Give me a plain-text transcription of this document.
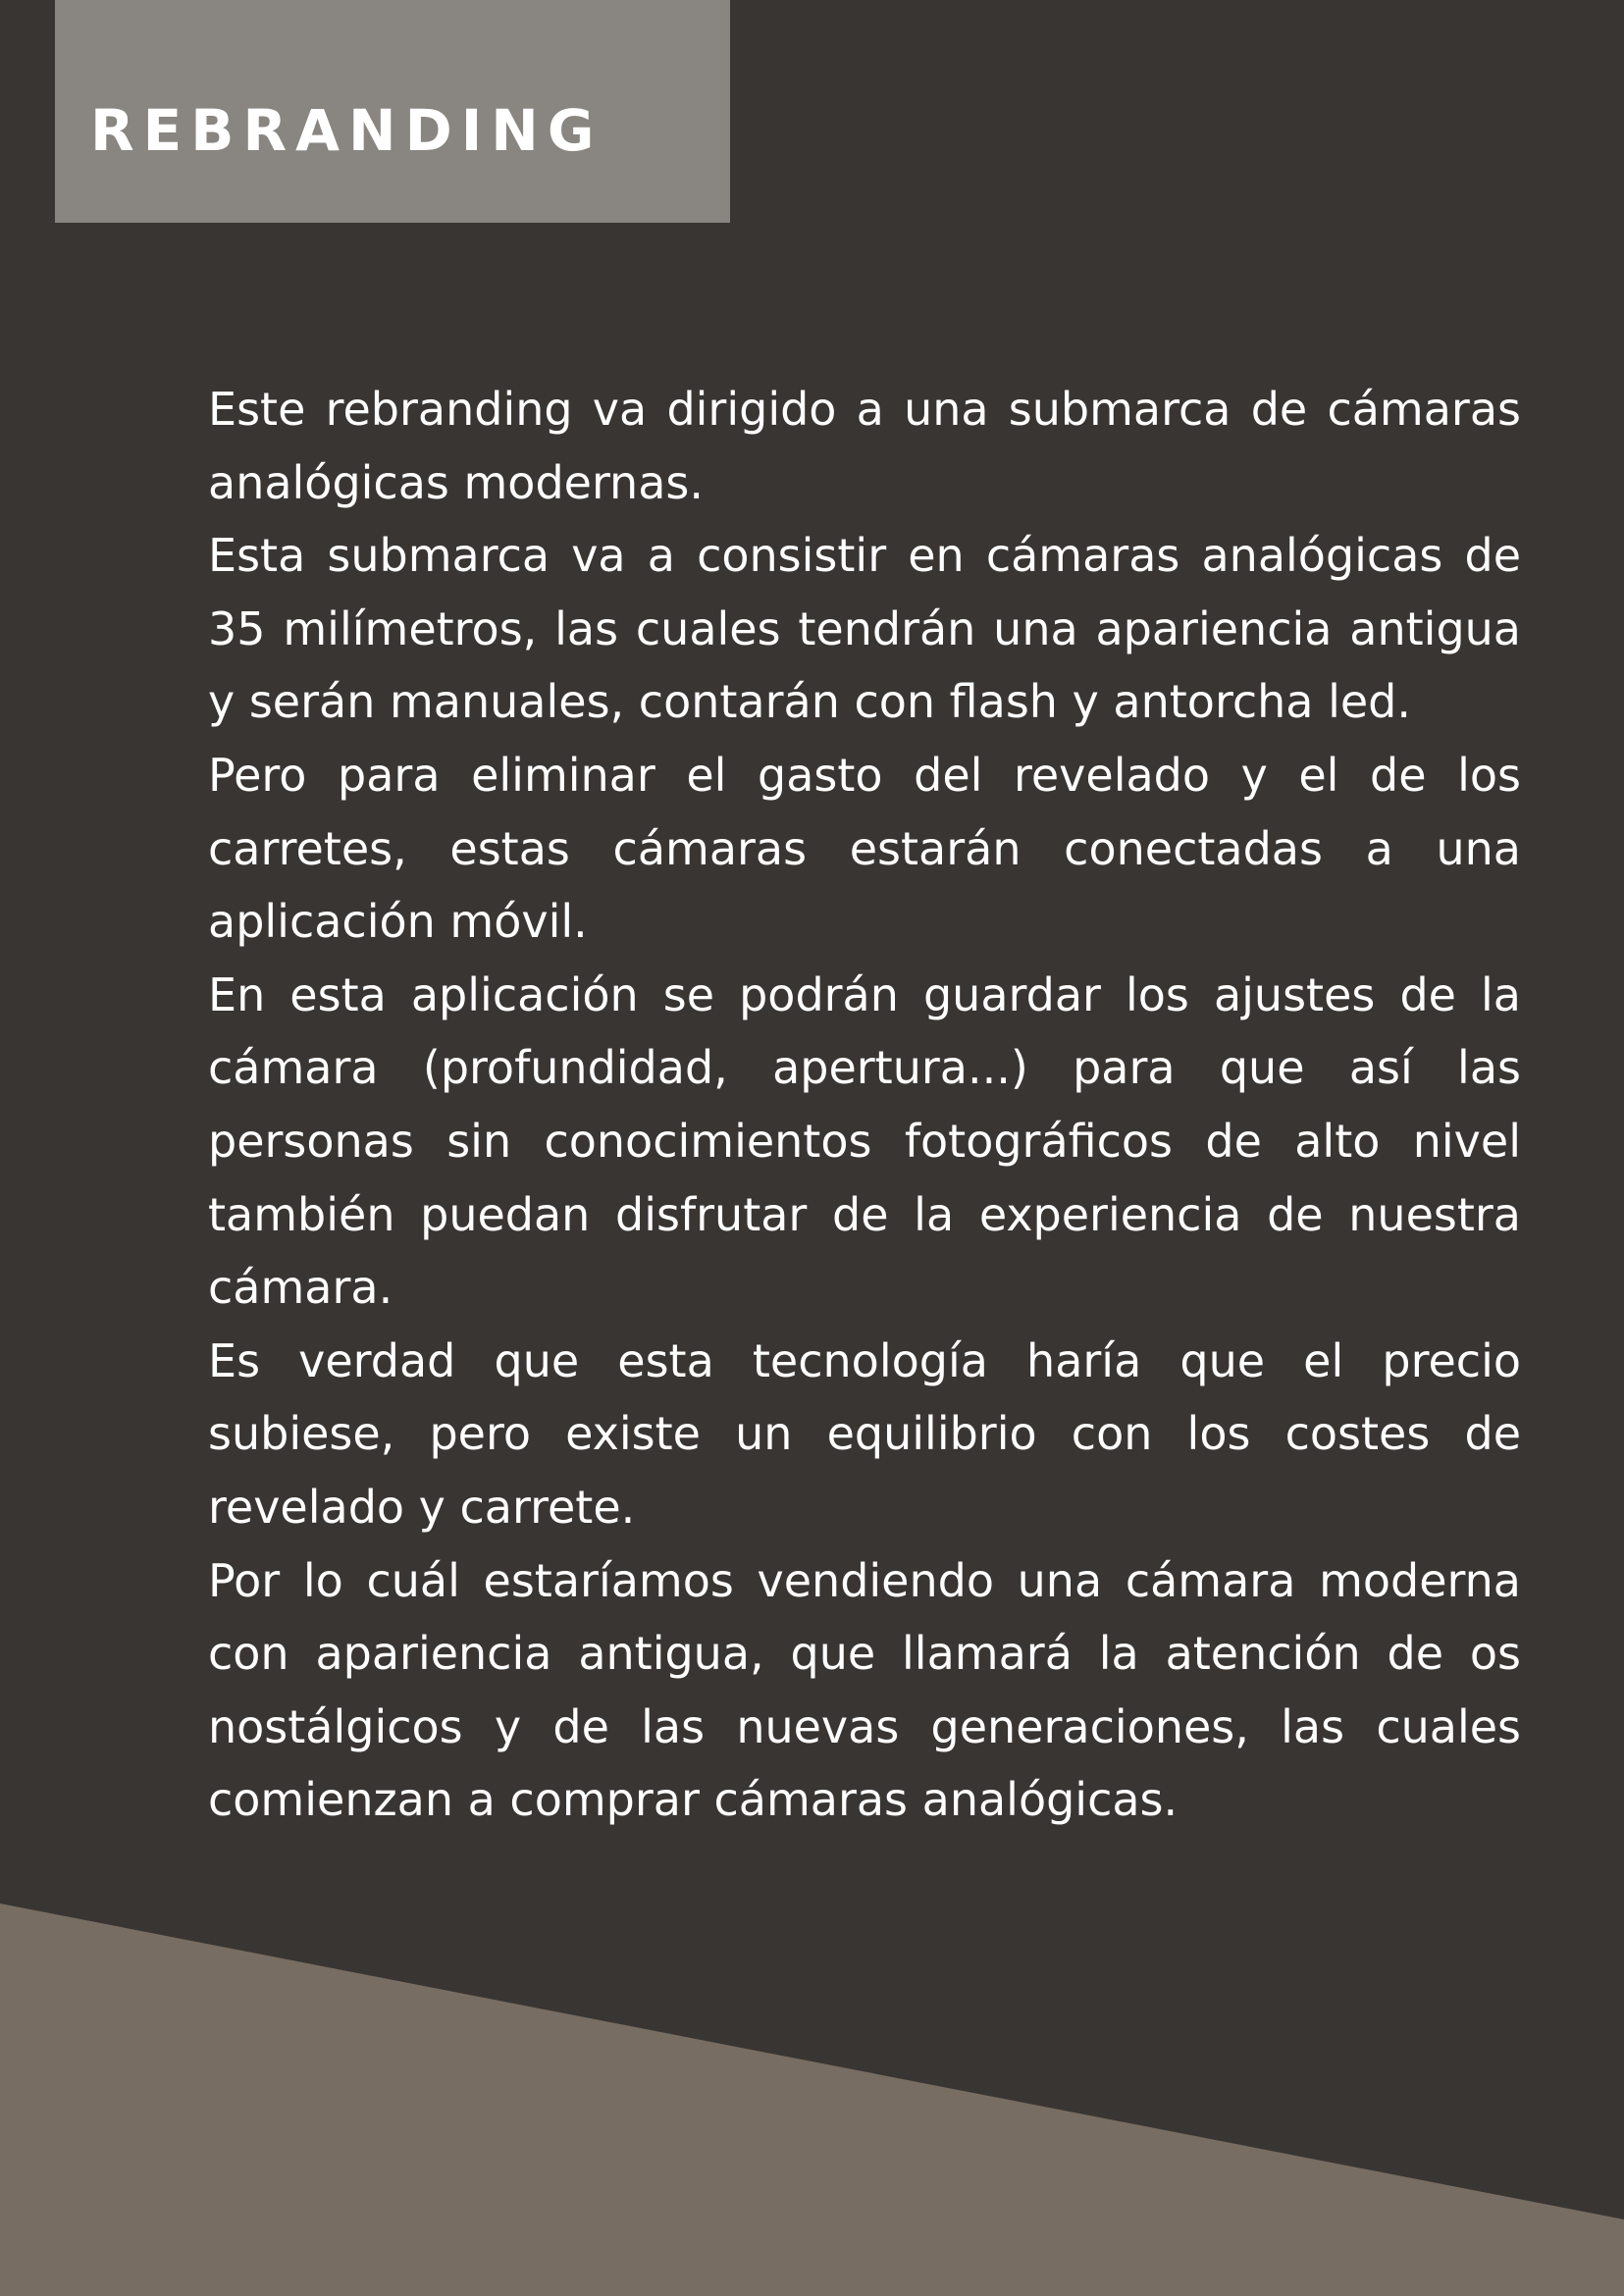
REBRANDING

Este rebranding va dirigido a una submarca de cámaras analógicas modernas.

Esta submarca va a consistir en cámaras analógicas de 35 milímetros, las cuales tendrán una apariencia antigua y serán manuales, contarán con flash y antorcha led.

Pero para eliminar el gasto del revelado y el de los carretes, estas cámaras estarán conectadas a una aplicación móvil.

En esta aplicación se podrán guardar los ajustes de la cámara (profundidad, apertura...) para que así las personas sin conocimientos fotográficos de alto nivel también puedan disfrutar de la experiencia de nuestra cámara.

Es verdad que esta tecnología haría que el precio subiese, pero existe un equilibrio con los costes de revelado y carrete.

Por lo cuál estaríamos vendiendo una cámara moderna con apariencia antigua, que llamará la atención de os nostálgicos y de las nuevas generaciones, las cuales comienzan a comprar cámaras analógicas.
